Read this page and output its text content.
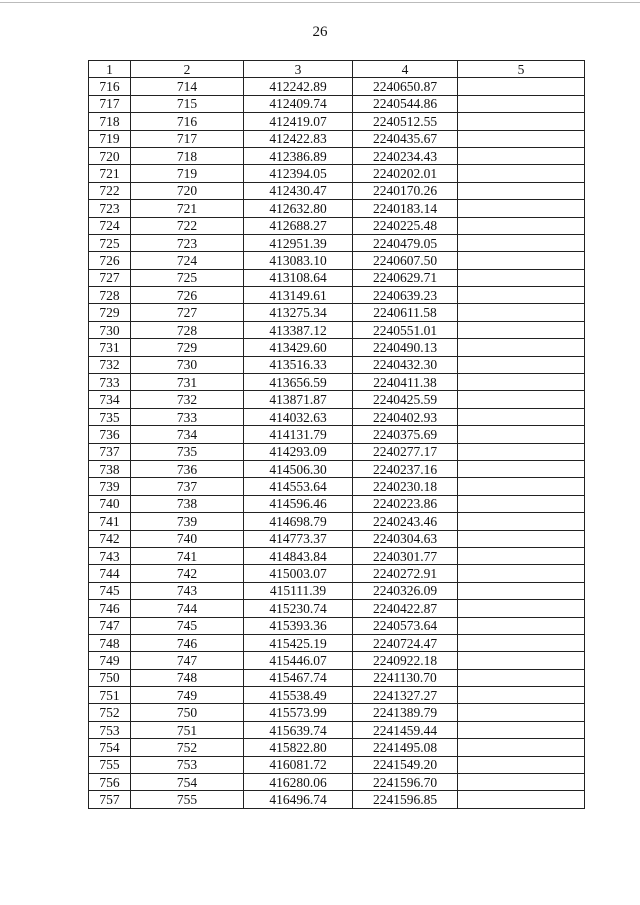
26
1	2	3	4	5
716	714	412242.89	2240650.87	
717	715	412409.74	2240544.86	
718	716	412419.07	2240512.55	
719	717	412422.83	2240435.67	
720	718	412386.89	2240234.43	
721	719	412394.05	2240202.01	
722	720	412430.47	2240170.26	
723	721	412632.80	2240183.14	
724	722	412688.27	2240225.48	
725	723	412951.39	2240479.05	
726	724	413083.10	2240607.50	
727	725	413108.64	2240629.71	
728	726	413149.61	2240639.23	
729	727	413275.34	2240611.58	
730	728	413387.12	2240551.01	
731	729	413429.60	2240490.13	
732	730	413516.33	2240432.30	
733	731	413656.59	2240411.38	
734	732	413871.87	2240425.59	
735	733	414032.63	2240402.93	
736	734	414131.79	2240375.69	
737	735	414293.09	2240277.17	
738	736	414506.30	2240237.16	
739	737	414553.64	2240230.18	
740	738	414596.46	2240223.86	
741	739	414698.79	2240243.46	
742	740	414773.37	2240304.63	
743	741	414843.84	2240301.77	
744	742	415003.07	2240272.91	
745	743	415111.39	2240326.09	
746	744	415230.74	2240422.87	
747	745	415393.36	2240573.64	
748	746	415425.19	2240724.47	
749	747	415446.07	2240922.18	
750	748	415467.74	2241130.70	
751	749	415538.49	2241327.27	
752	750	415573.99	2241389.79	
753	751	415639.74	2241459.44	
754	752	415822.80	2241495.08	
755	753	416081.72	2241549.20	
756	754	416280.06	2241596.70	
757	755	416496.74	2241596.85	
